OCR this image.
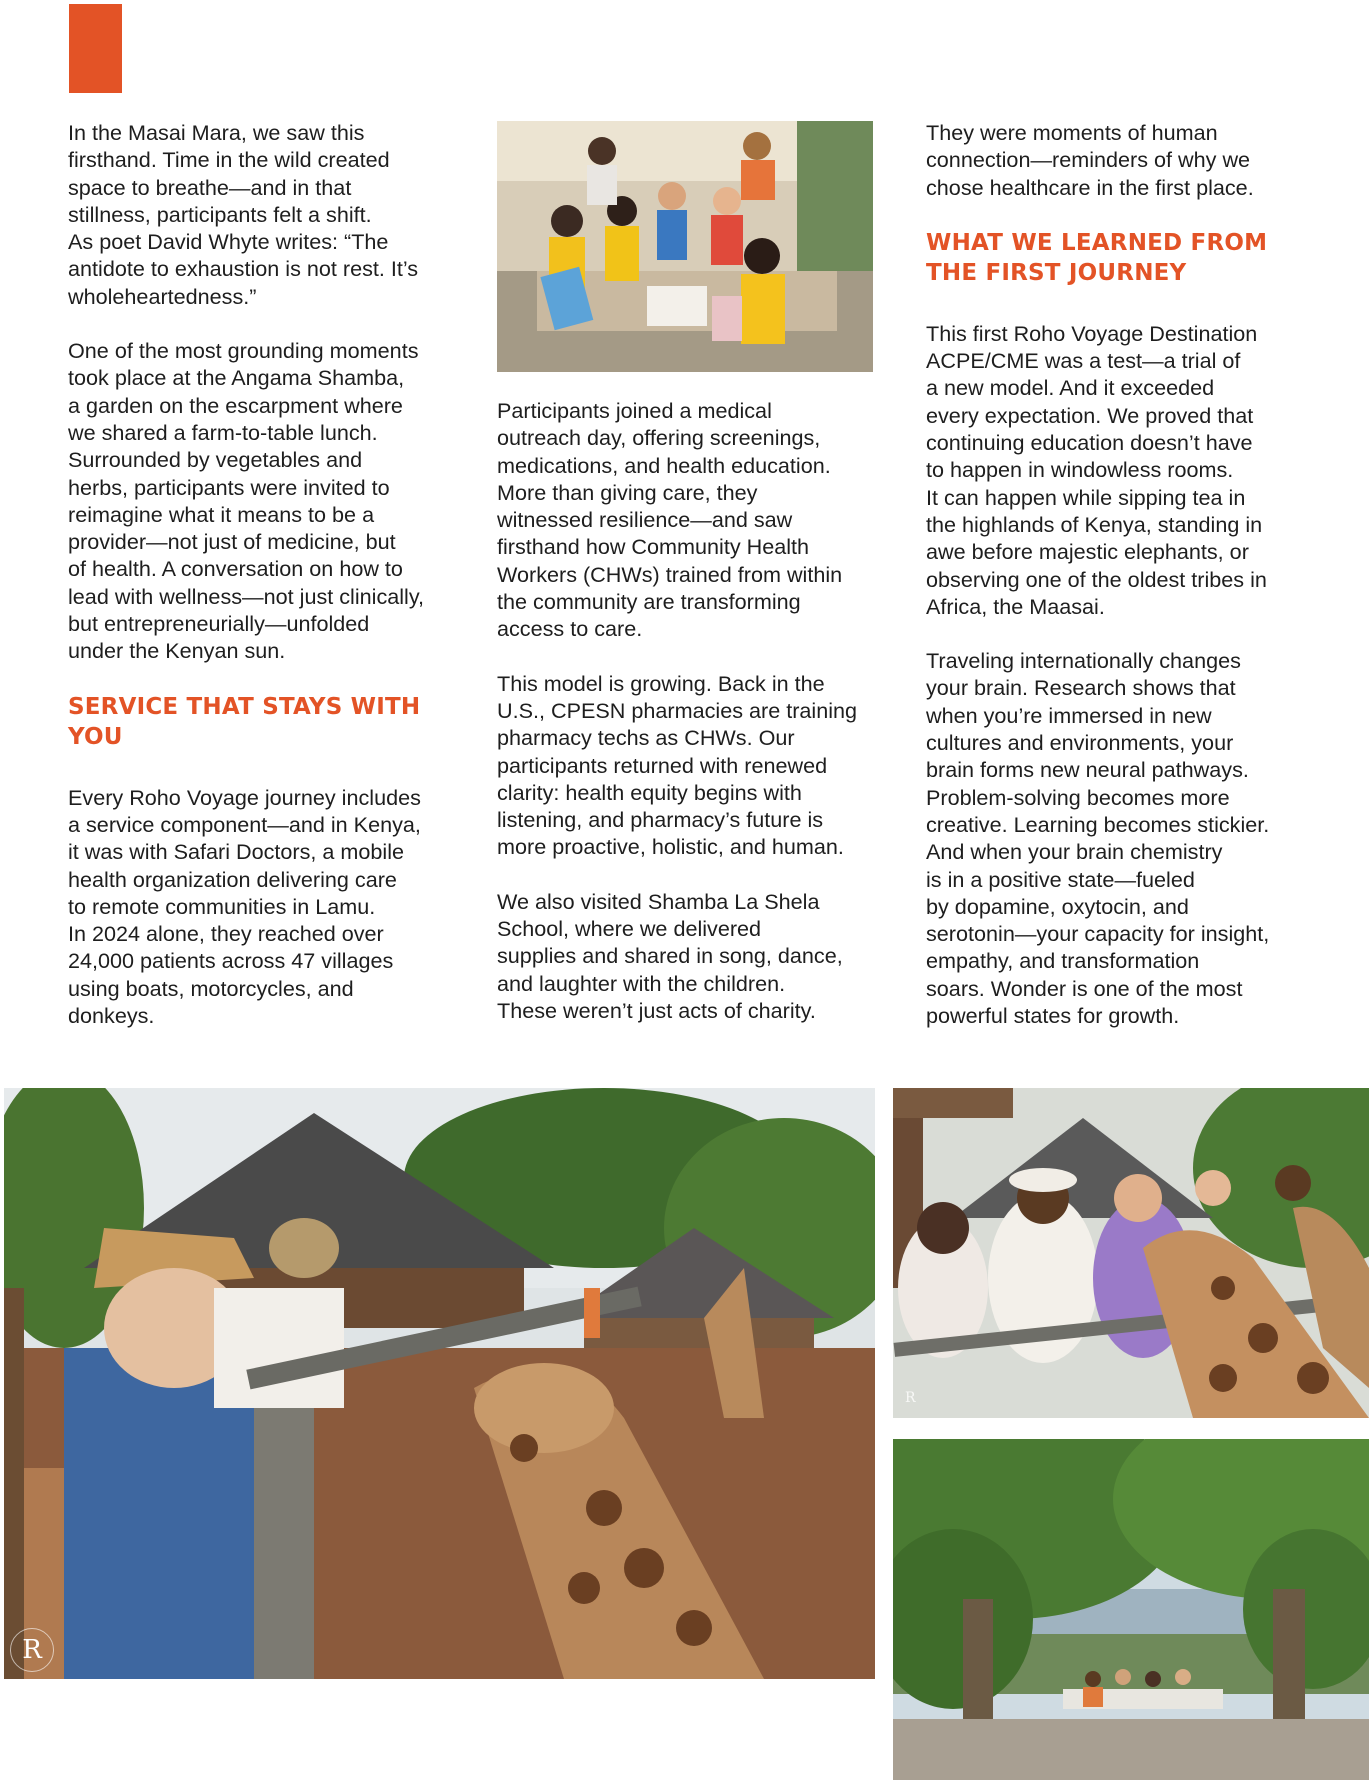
In the Masai Mara, we saw this
firsthand. Time in the wild created
space to breathe—and in that
stillness, participants felt a shift.
As poet David Whyte writes: “The
antidote to exhaustion is not rest. It’s
wholeheartedness.”

One of the most grounding moments
took place at the Angama Shamba,
a garden on the escarpment where
we shared a farm-to-table lunch.
Surrounded by vegetables and
herbs, participants were invited to
reimagine what it means to be a
provider—not just of medicine, but
of health. A conversation on how to
lead with wellness—not just clinically,
but entrepreneurially—unfolded
under the Kenyan sun.

SERVICE THAT STAYS WITH
YOU

Every Roho Voyage journey includes
a service component—and in Kenya,
it was with Safari Doctors, a mobile
health organization delivering care
to remote communities in Lamu.
In 2024 alone, they reached over
24,000 patients across 47 villages
using boats, motorcycles, and
donkeys.

Participants joined a medical
outreach day, offering screenings,
medications, and health education.
More than giving care, they
witnessed resilience—and saw
firsthand how Community Health
Workers (CHWs) trained from within
the community are transforming
access to care.

This model is growing. Back in the
U.S., CPESN pharmacies are training
pharmacy techs as CHWs. Our
participants returned with renewed
clarity: health equity begins with
listening, and pharmacy’s future is
more proactive, holistic, and human.

We also visited Shamba La Shela
School, where we delivered
supplies and shared in song, dance,
and laughter with the children.
These weren’t just acts of charity.

They were moments of human
connection—reminders of why we
chose healthcare in the first place.

WHAT WE LEARNED FROM
THE FIRST JOURNEY

This first Roho Voyage Destination
ACPE/CME was a test—a trial of
a new model. And it exceeded
every expectation. We proved that
continuing education doesn’t have
to happen in windowless rooms.
It can happen while sipping tea in
the highlands of Kenya, standing in
awe before majestic elephants, or
observing one of the oldest tribes in
Africa, the Maasai.

Traveling internationally changes
your brain. Research shows that
when you’re immersed in new
cultures and environments, your
brain forms new neural pathways.
Problem-solving becomes more
creative. Learning becomes stickier.
And when your brain chemistry
is in a positive state—fueled
by dopamine, oxytocin, and
serotonin—your capacity for insight,
empathy, and transformation
soars. Wonder is one of the most
powerful states for growth.

R
R
